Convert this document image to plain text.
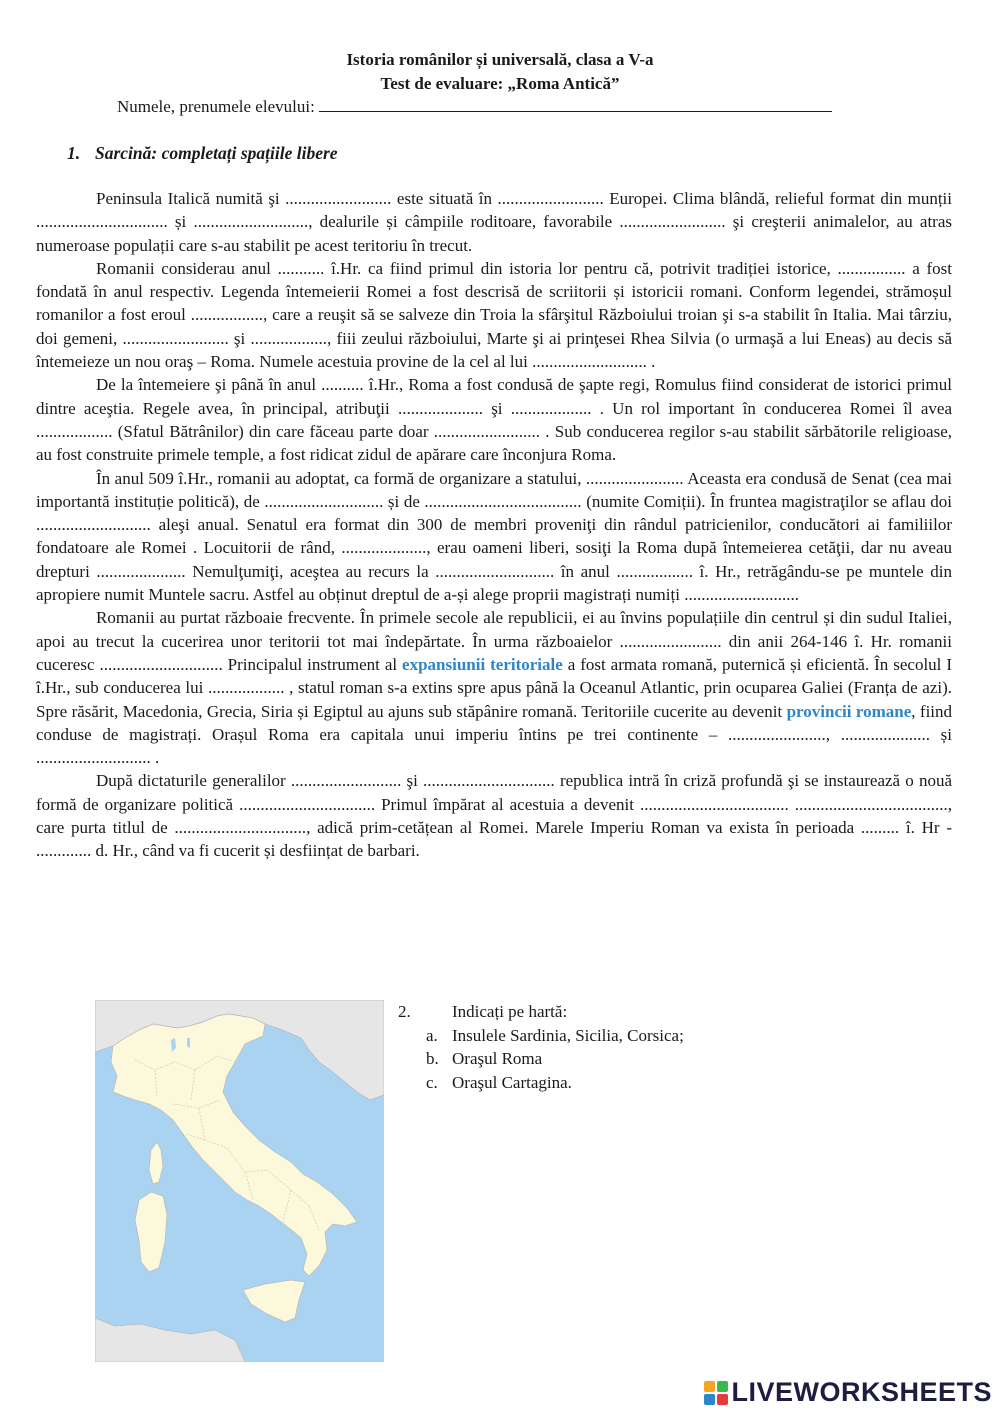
Istoria românilor și universală, clasa a V-a
Test de evaluare: „Roma Antică”
Numele, prenumele elevului:
1. Sarcină: completați spațiile libere

Peninsula Italică numită şi ......................... este situată în ......................... Europei. Clima blândă, relieful format din munții ............................... și ..........................., dealurile și câmpiile roditoare, favorabile ......................... şi creşterii animalelor, au atras numeroase populații care s-au stabilit pe acest teritoriu în trecut.

Romanii considerau anul ........... î.Hr. ca fiind primul din istoria lor pentru că, potrivit tradiției istorice, ................ a fost fondată în anul respectiv. Legenda întemeierii Romei a fost descrisă de scriitorii și istoricii romani. Conform legendei, strămoșul romanilor a fost eroul ................., care a reuşit să se salveze din Troia la sfârşitul Războiului troian şi s-a stabilit în Italia. Mai târziu, doi gemeni, ......................... şi .................., fiii zeului războiului, Marte şi ai prinţesei Rhea Silvia (o urmaşă a lui Eneas) au decis să întemeieze un nou oraş – Roma. Numele acestuia provine de la cel al lui ........................... .

De la întemeiere şi până în anul .......... î.Hr., Roma a fost condusă de şapte regi, Romulus fiind considerat de istorici primul dintre aceştia. Regele avea, în principal, atribuţii .................... şi ................... . Un rol important în conducerea Romei îl avea .................. (Sfatul Bătrânilor) din care făceau parte doar ......................... . Sub conducerea regilor s-au stabilit sărbătorile religioase, au fost construite primele temple, a fost ridicat zidul de apărare care înconjura Roma.

În anul 509 î.Hr., romanii au adoptat, ca formă de organizare a statului, ....................... Aceasta era condusă de Senat (cea mai importantă instituție politică), de ............................ și de ..................................... (numite Comiții). În fruntea magistraţilor se aflau doi ........................... aleşi anual. Senatul era format din 300 de membri proveniţi din rândul patricienilor, conducători ai familiilor fondatoare ale Romei . Locuitorii de rând, ...................., erau oameni liberi, sosiţi la Roma după întemeierea cetăţii, dar nu aveau drepturi ..................... Nemulţumiţi, aceştea au recurs la ............................ în anul .................. î. Hr., retrăgându-se pe muntele din apropiere numit Muntele sacru. Astfel au obținut dreptul de a-și alege proprii magistrați numiți ...........................

Romanii au purtat războaie frecvente. În primele secole ale republicii, ei au învins populațiile din centrul și din sudul Italiei, apoi au trecut la cucerirea unor teritorii tot mai îndepărtate. În urma războaielor ........................ din anii 264-146 î. Hr. romanii cuceresc ............................. Principalul instrument al expansiunii teritoriale a fost armata romană, puternică și eficientă. În secolul I î.Hr., sub conducerea lui .................. , statul roman s-a extins spre apus până la Oceanul Atlantic, prin ocuparea Galiei (Franța de azi). Spre răsărit, Macedonia, Grecia, Siria și Egiptul au ajuns sub stăpânire romană. Teritoriile cucerite au devenit provincii romane, fiind conduse de magistrați. Orașul Roma era capitala unui imperiu întins pe trei continente – ......................., ..................... și ........................... .

După dictaturile generalilor .......................... şi ............................... republica intră în criză profundă şi se instaurează o nouă formă de organizare politică ................................ Primul împărat al acestuia a devenit ................................... ...................................., care purta titlul de ..............................., adică prim-cetățean al Romei. Marele Imperiu Roman va exista în perioada ......... î. Hr - ............. d. Hr., când va fi cucerit și desființat de barbari.

2. Indicați pe hartă:
a. Insulele Sardinia, Sicilia, Corsica;
b. Oraşul Roma
c. Oraşul Cartagina.
LIVEWORKSHEETS
